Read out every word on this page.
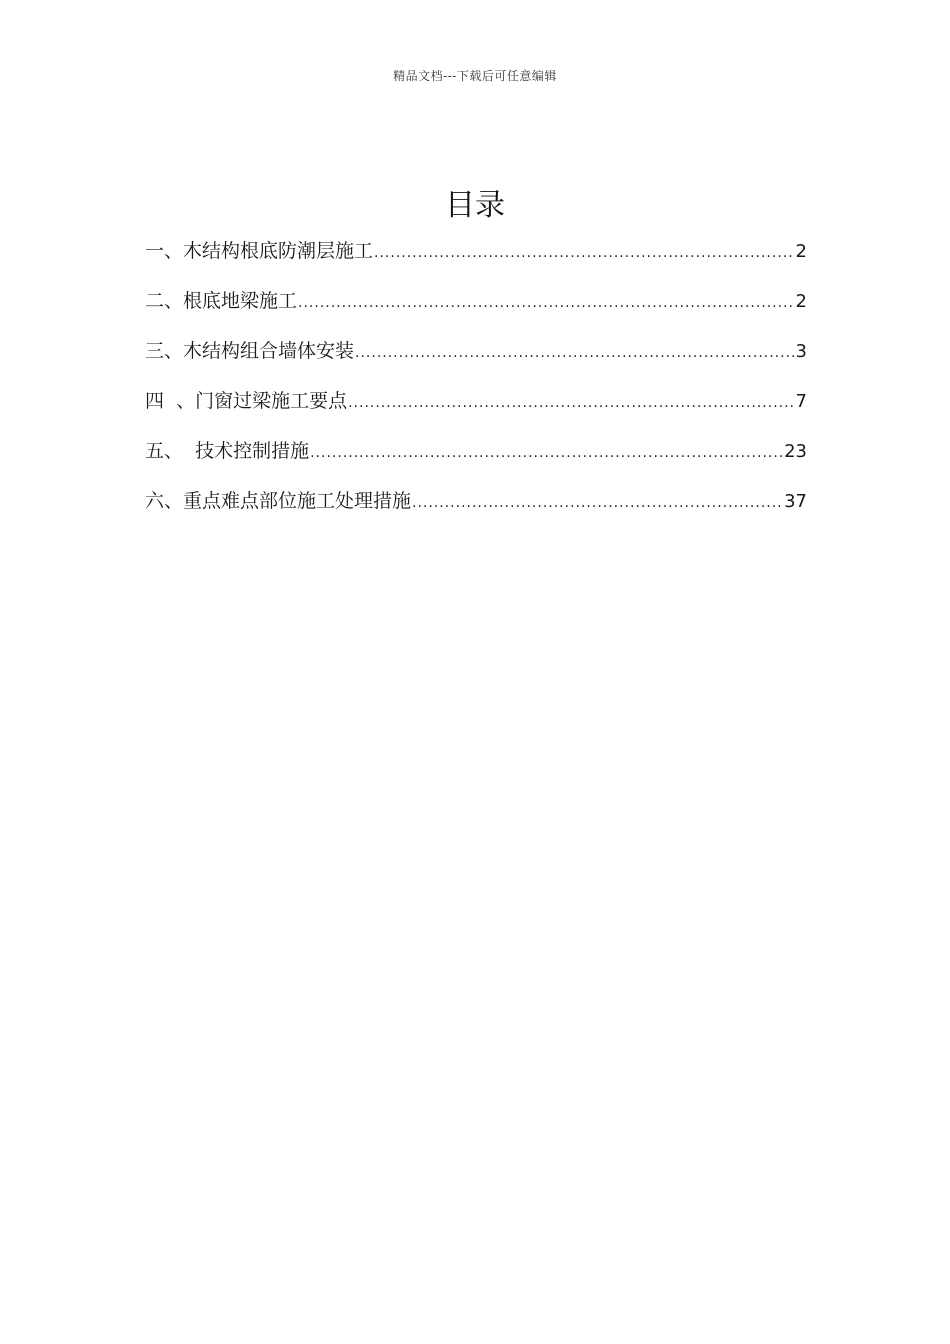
精品文档---下载后可任意编辑
目录
一、木结构根底防潮层施工 .....	2
二、根底地梁施工 .....	2
三、木结构组合墙体安装 .....	3
四  、门窗过梁施工要点 .....	7
五、  技术控制措施 .....	23
六、重点难点部位施工处理措施 .....	37
